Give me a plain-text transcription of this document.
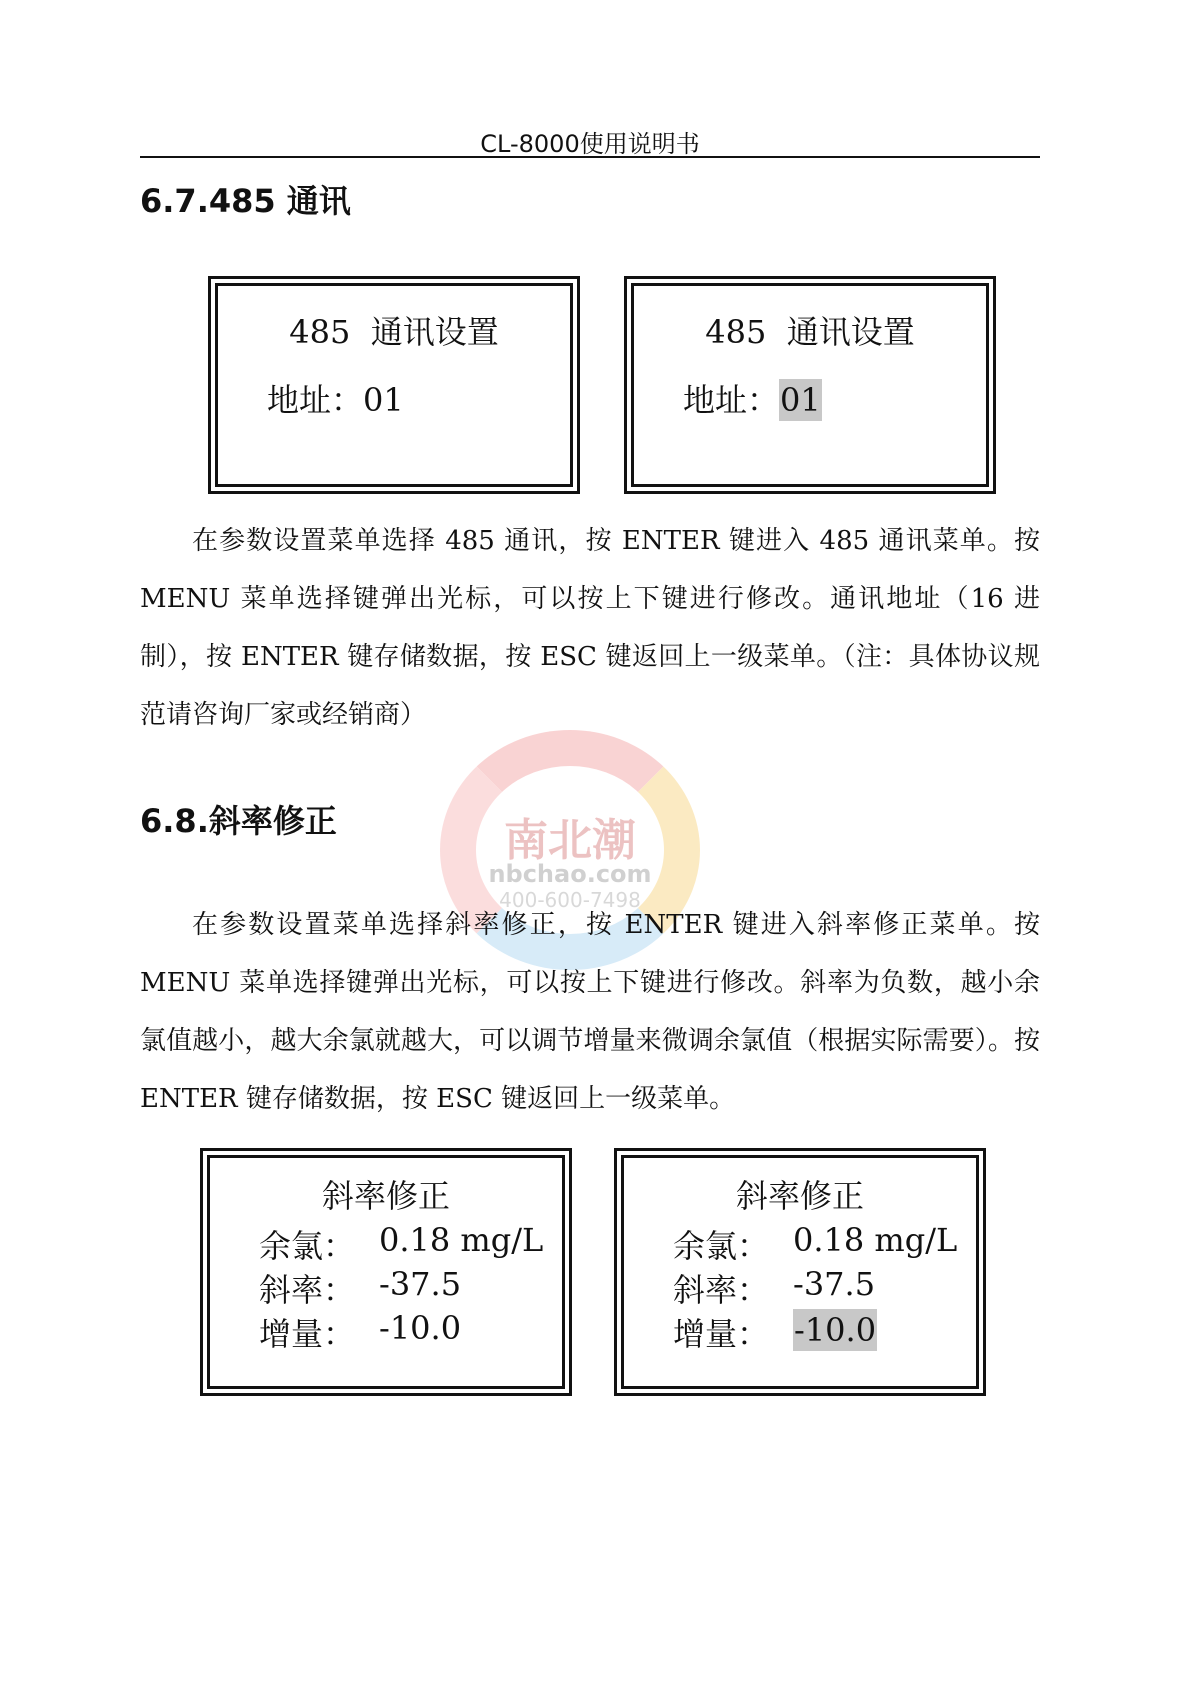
CL-8000使用说明书
6.7.485 通讯
485  通讯设置
地址：01
485  通讯设置
地址：01

在参数设置菜单选择 485 通讯，按 ENTER 键进入 485 通讯菜单。按 MENU 菜单选择键弹出光标，可以按上下键进行修改。通讯地址（16 进制），按 ENTER 键存储数据，按 ESC 键返回上一级菜单。（注：具体协议规范请咨询厂家或经销商）

南北潮
nbchao.com
400-600-7498
6.8.斜率修正

在参数设置菜单选择斜率修正，按 ENTER 键进入斜率修正菜单。按 MENU 菜单选择键弹出光标，可以按上下键进行修改。斜率为负数，越小余氯值越小，越大余氯就越大，可以调节增量来微调余氯值（根据实际需要）。按 ENTER 键存储数据，按 ESC 键返回上一级菜单。

斜率修正
余氯： 0.18 mg/L
斜率： -37.5
增量： -10.0
斜率修正
余氯： 0.18 mg/L
斜率： -37.5
增量： -10.0
